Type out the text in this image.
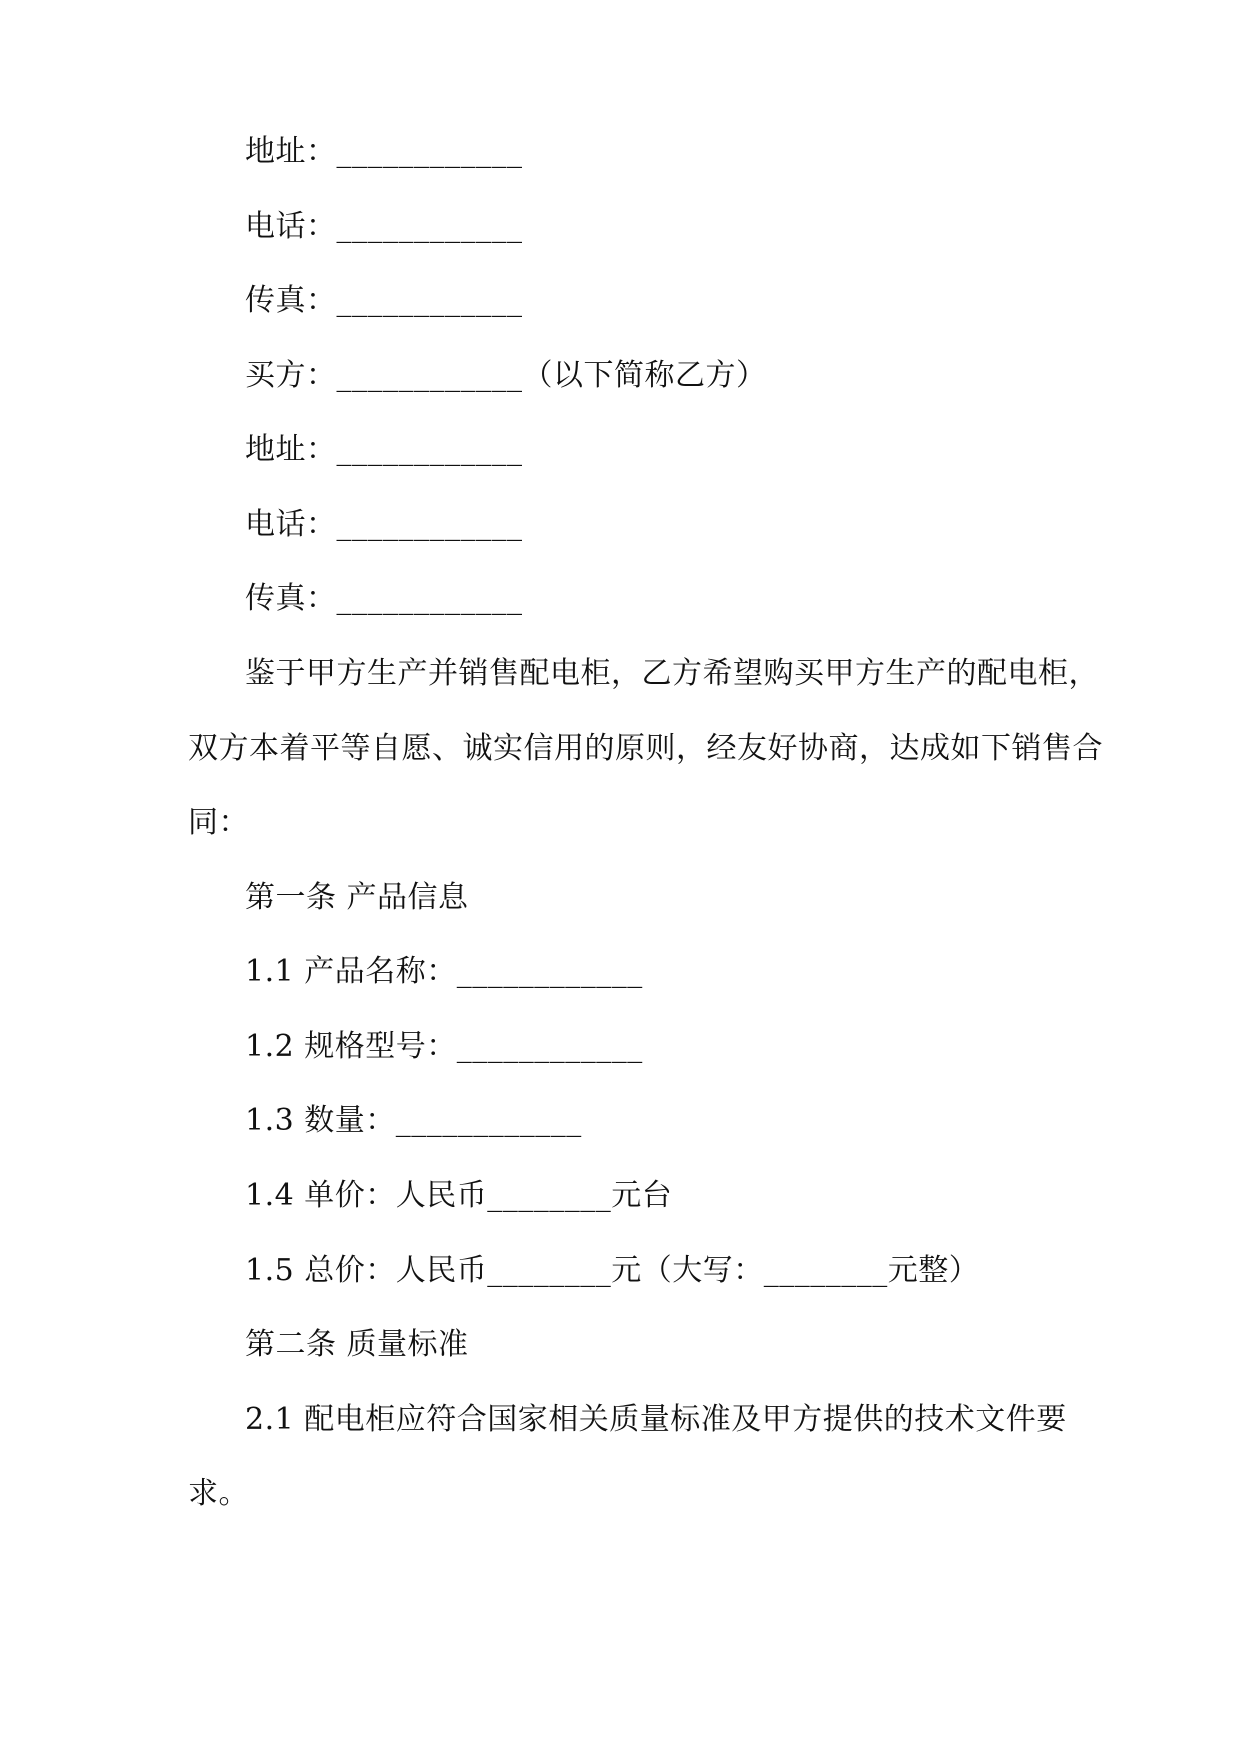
地址：____________
电话：____________
传真：____________
买方：____________（以下简称乙方）
地址：____________
电话：____________
传真：____________
鉴于甲方生产并销售配电柜，乙方希望购买甲方生产的配电柜，
双方本着平等自愿、诚实信用的原则，经友好协商，达成如下销售合
同：
第一条 产品信息
1.1 产品名称：____________
1.2 规格型号：____________
1.3 数量：____________
1.4 单价：人民币________元台
1.5 总价：人民币________元（大写：________元整）
第二条 质量标准
2.1 配电柜应符合国家相关质量标准及甲方提供的技术文件要
求。
